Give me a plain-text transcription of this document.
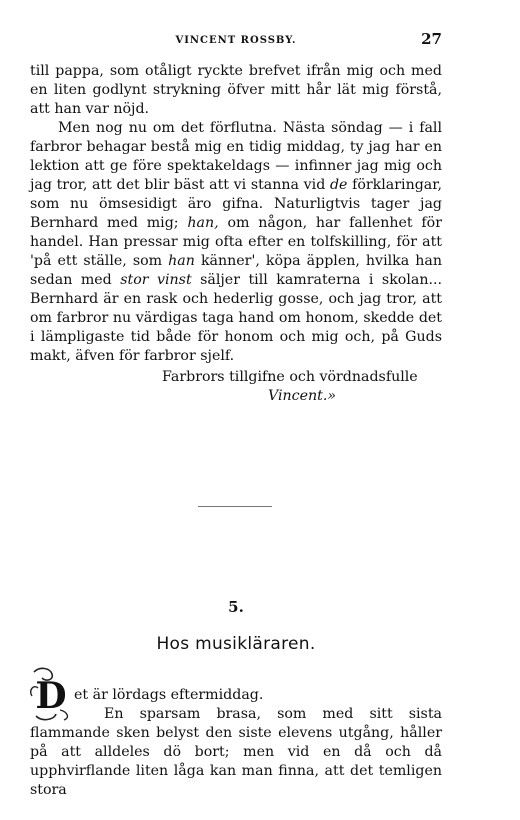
VINCENT ROSSBY.	27

till pappa, som otåligt ryckte brefvet ifrån mig och med en liten godlynt strykning öfver mitt hår lät mig förstå, att han var nöjd.

Men nog nu om det förflutna. Nästa söndag — i fall farbror behagar bestå mig en tidig middag, ty jag har en lektion att ge före spektakeldags — infinner jag mig och jag tror, att det blir bäst att vi stanna vid de förklaringar, som nu ömsesidigt äro gifna. Naturligtvis tager jag Bernhard med mig; han, om någon, har fallenhet för handel. Han pressar mig ofta efter en tolfskilling, för att 'på ett ställe, som han känner', köpa äpplen, hvilka han sedan med stor vinst säljer till kamraterna i skolan... Bernhard är en rask och hederlig gosse, och jag tror, att om farbror nu värdigas taga hand om honom, skedde det i lämpligaste tid både för honom och mig och, på Guds makt, äfven för farbror sjelf.

Farbrors tillgifne och vördnadsfulle
Vincent.»
5.
Hos musikläraren.
D et är lördags eftermiddag.

En sparsam brasa, som med sitt sista flammande sken belyst den siste elevens utgång, håller på att alldeles dö bort; men vid en då och då upphvirflande liten låga kan man finna, att det temligen stora
